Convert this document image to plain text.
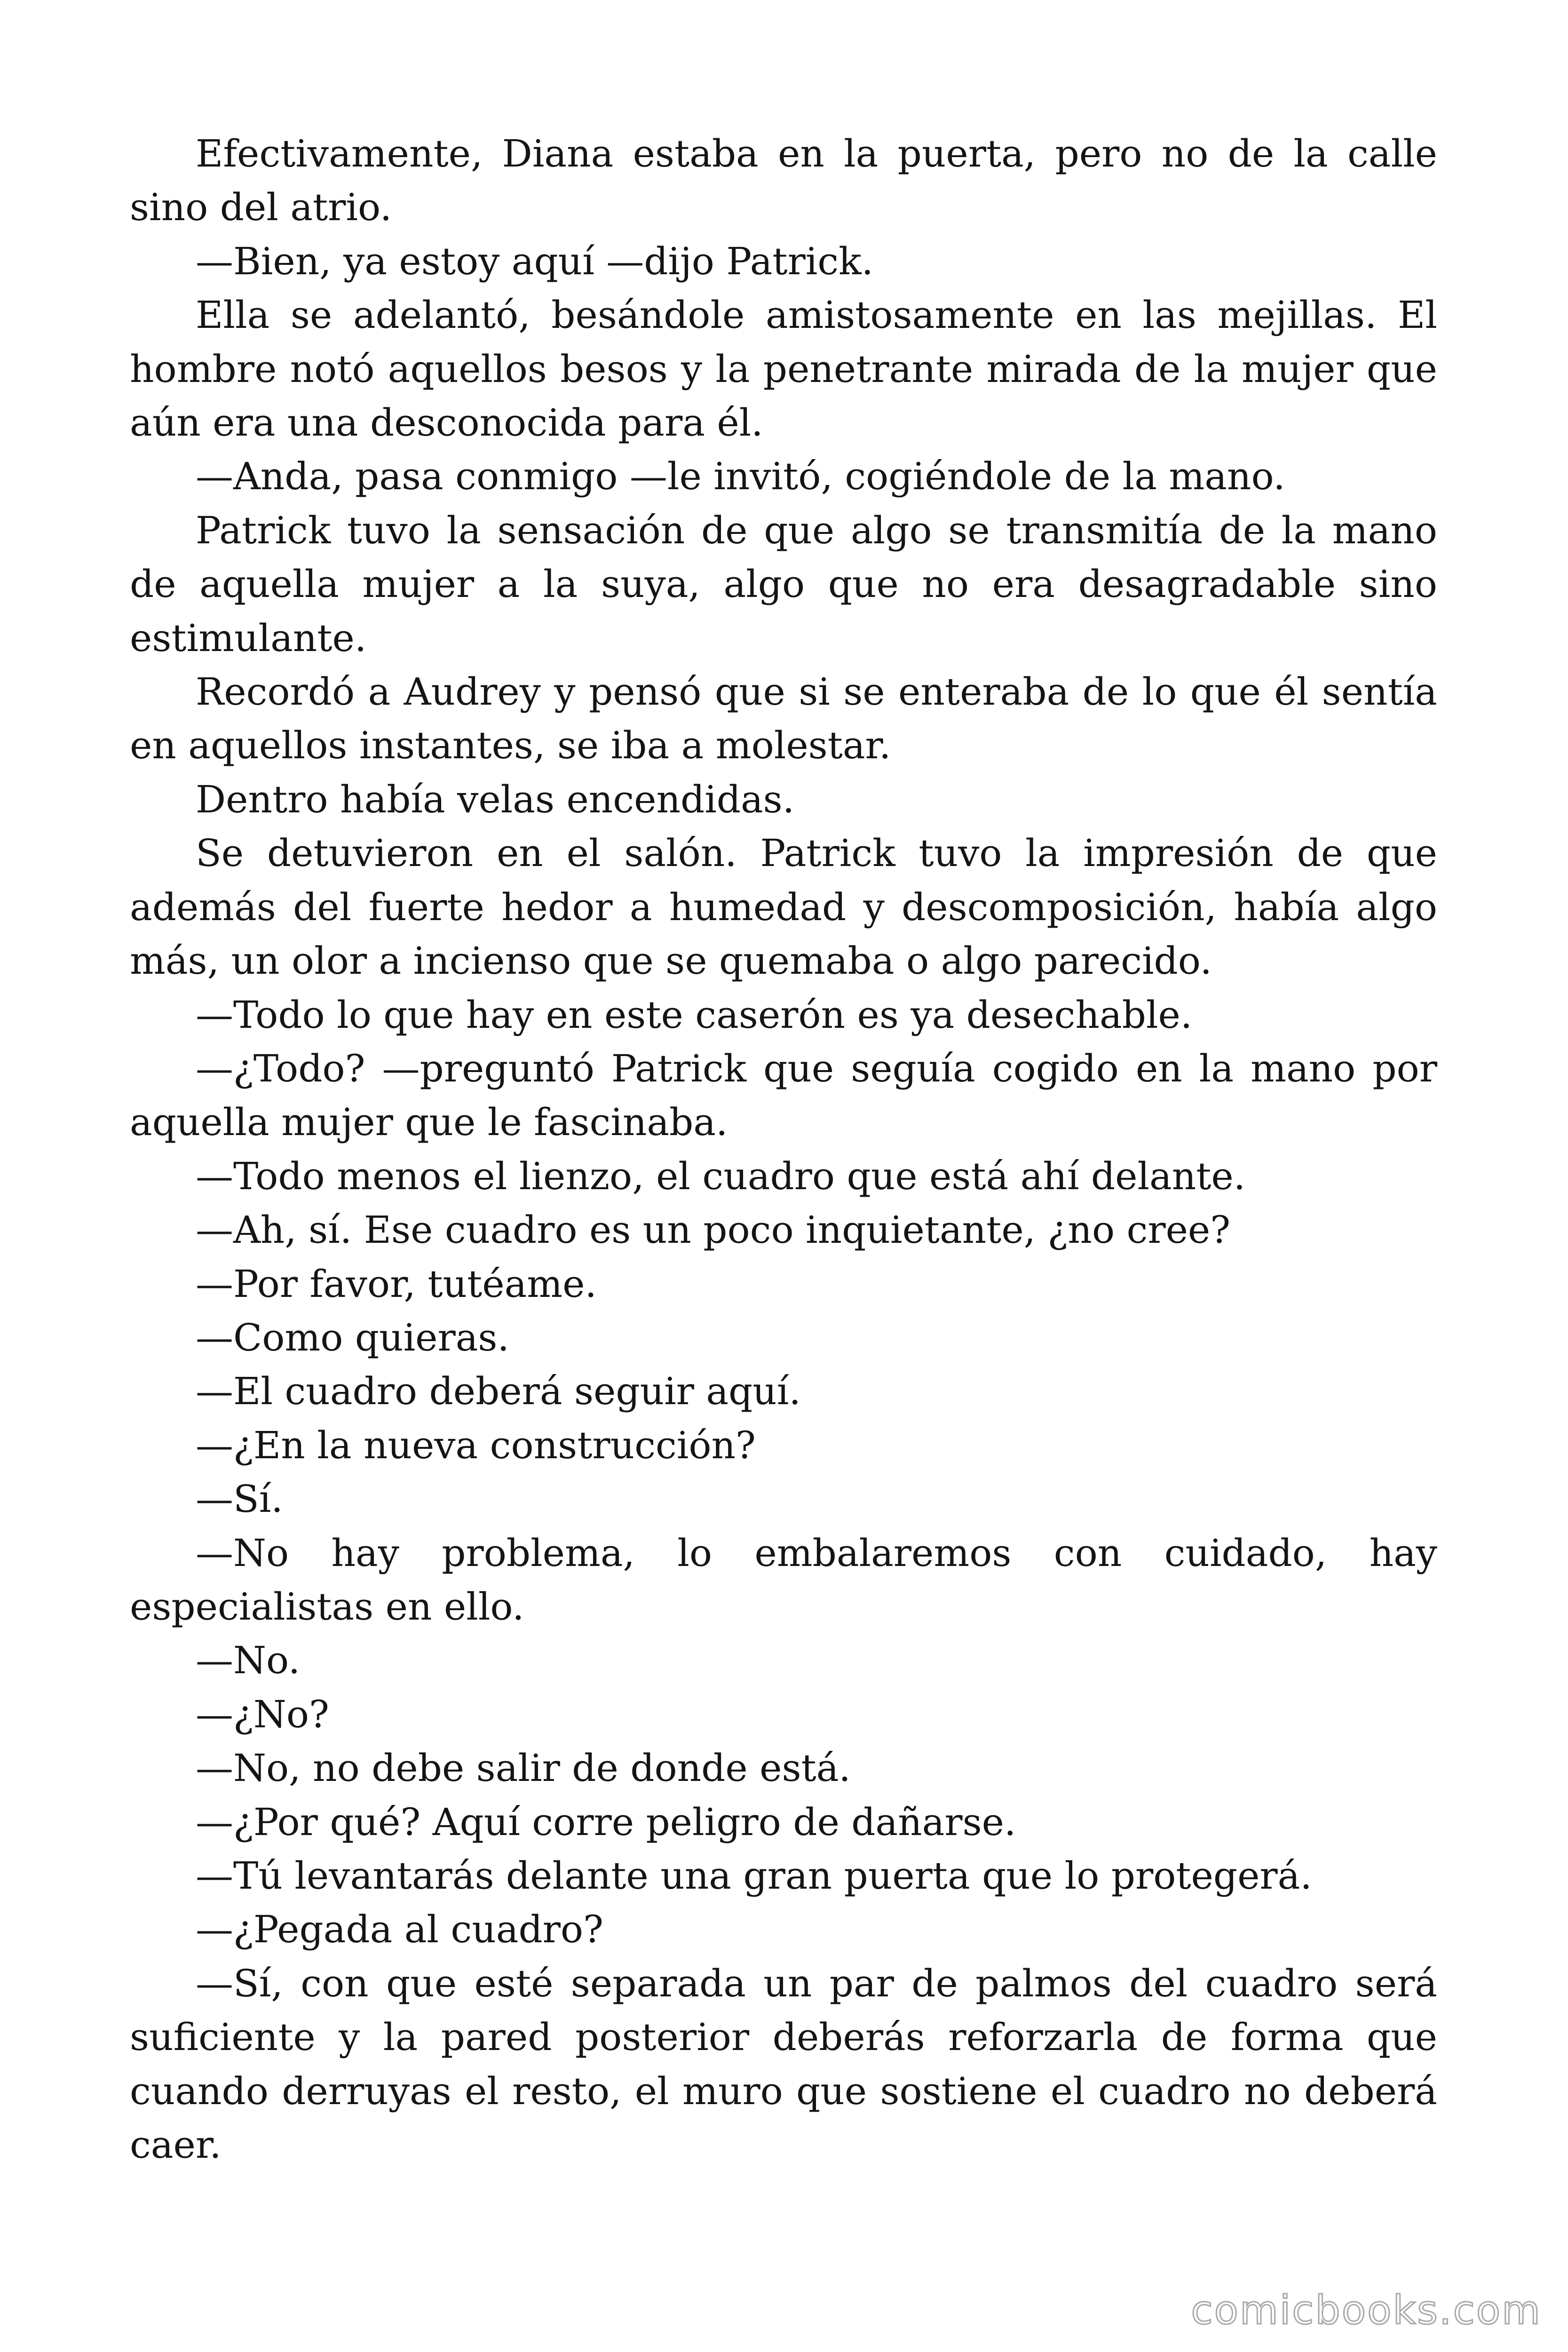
Efectivamente, Diana estaba en la puerta, pero no de la calle sino del atrio.

—Bien, ya estoy aquí —dijo Patrick.

Ella se adelantó, besándole amistosamente en las mejillas. El hombre notó aquellos besos y la penetrante mirada de la mujer que aún era una desconocida para él.

—Anda, pasa conmigo —le invitó, cogiéndole de la mano.

Patrick tuvo la sensación de que algo se transmitía de la mano de aquella mujer a la suya, algo que no era desagradable sino estimulante.

Recordó a Audrey y pensó que si se enteraba de lo que él sentía en aquellos instantes, se iba a molestar.

Dentro había velas encendidas.

Se detuvieron en el salón. Patrick tuvo la impresión de que además del fuerte hedor a humedad y descomposición, había algo más, un olor a incienso que se quemaba o algo parecido.

—Todo lo que hay en este caserón es ya desechable.

—¿Todo? —preguntó Patrick que seguía cogido en la mano por aquella mujer que le fascinaba.

—Todo menos el lienzo, el cuadro que está ahí delante.

—Ah, sí. Ese cuadro es un poco inquietante, ¿no cree?

—Por favor, tutéame.

—Como quieras.

—El cuadro deberá seguir aquí.

—¿En la nueva construcción?

—Sí.

—No hay problema, lo embalaremos con cuidado, hay especialistas en ello.

—No.

—¿No?

—No, no debe salir de donde está.

—¿Por qué? Aquí corre peligro de dañarse.

—Tú levantarás delante una gran puerta que lo protegerá.

—¿Pegada al cuadro?

—Sí, con que esté separada un par de palmos del cuadro será suficiente y la pared posterior deberás reforzarla de forma que cuando derruyas el resto, el muro que sostiene el cuadro no deberá caer.

comicbooks.com
